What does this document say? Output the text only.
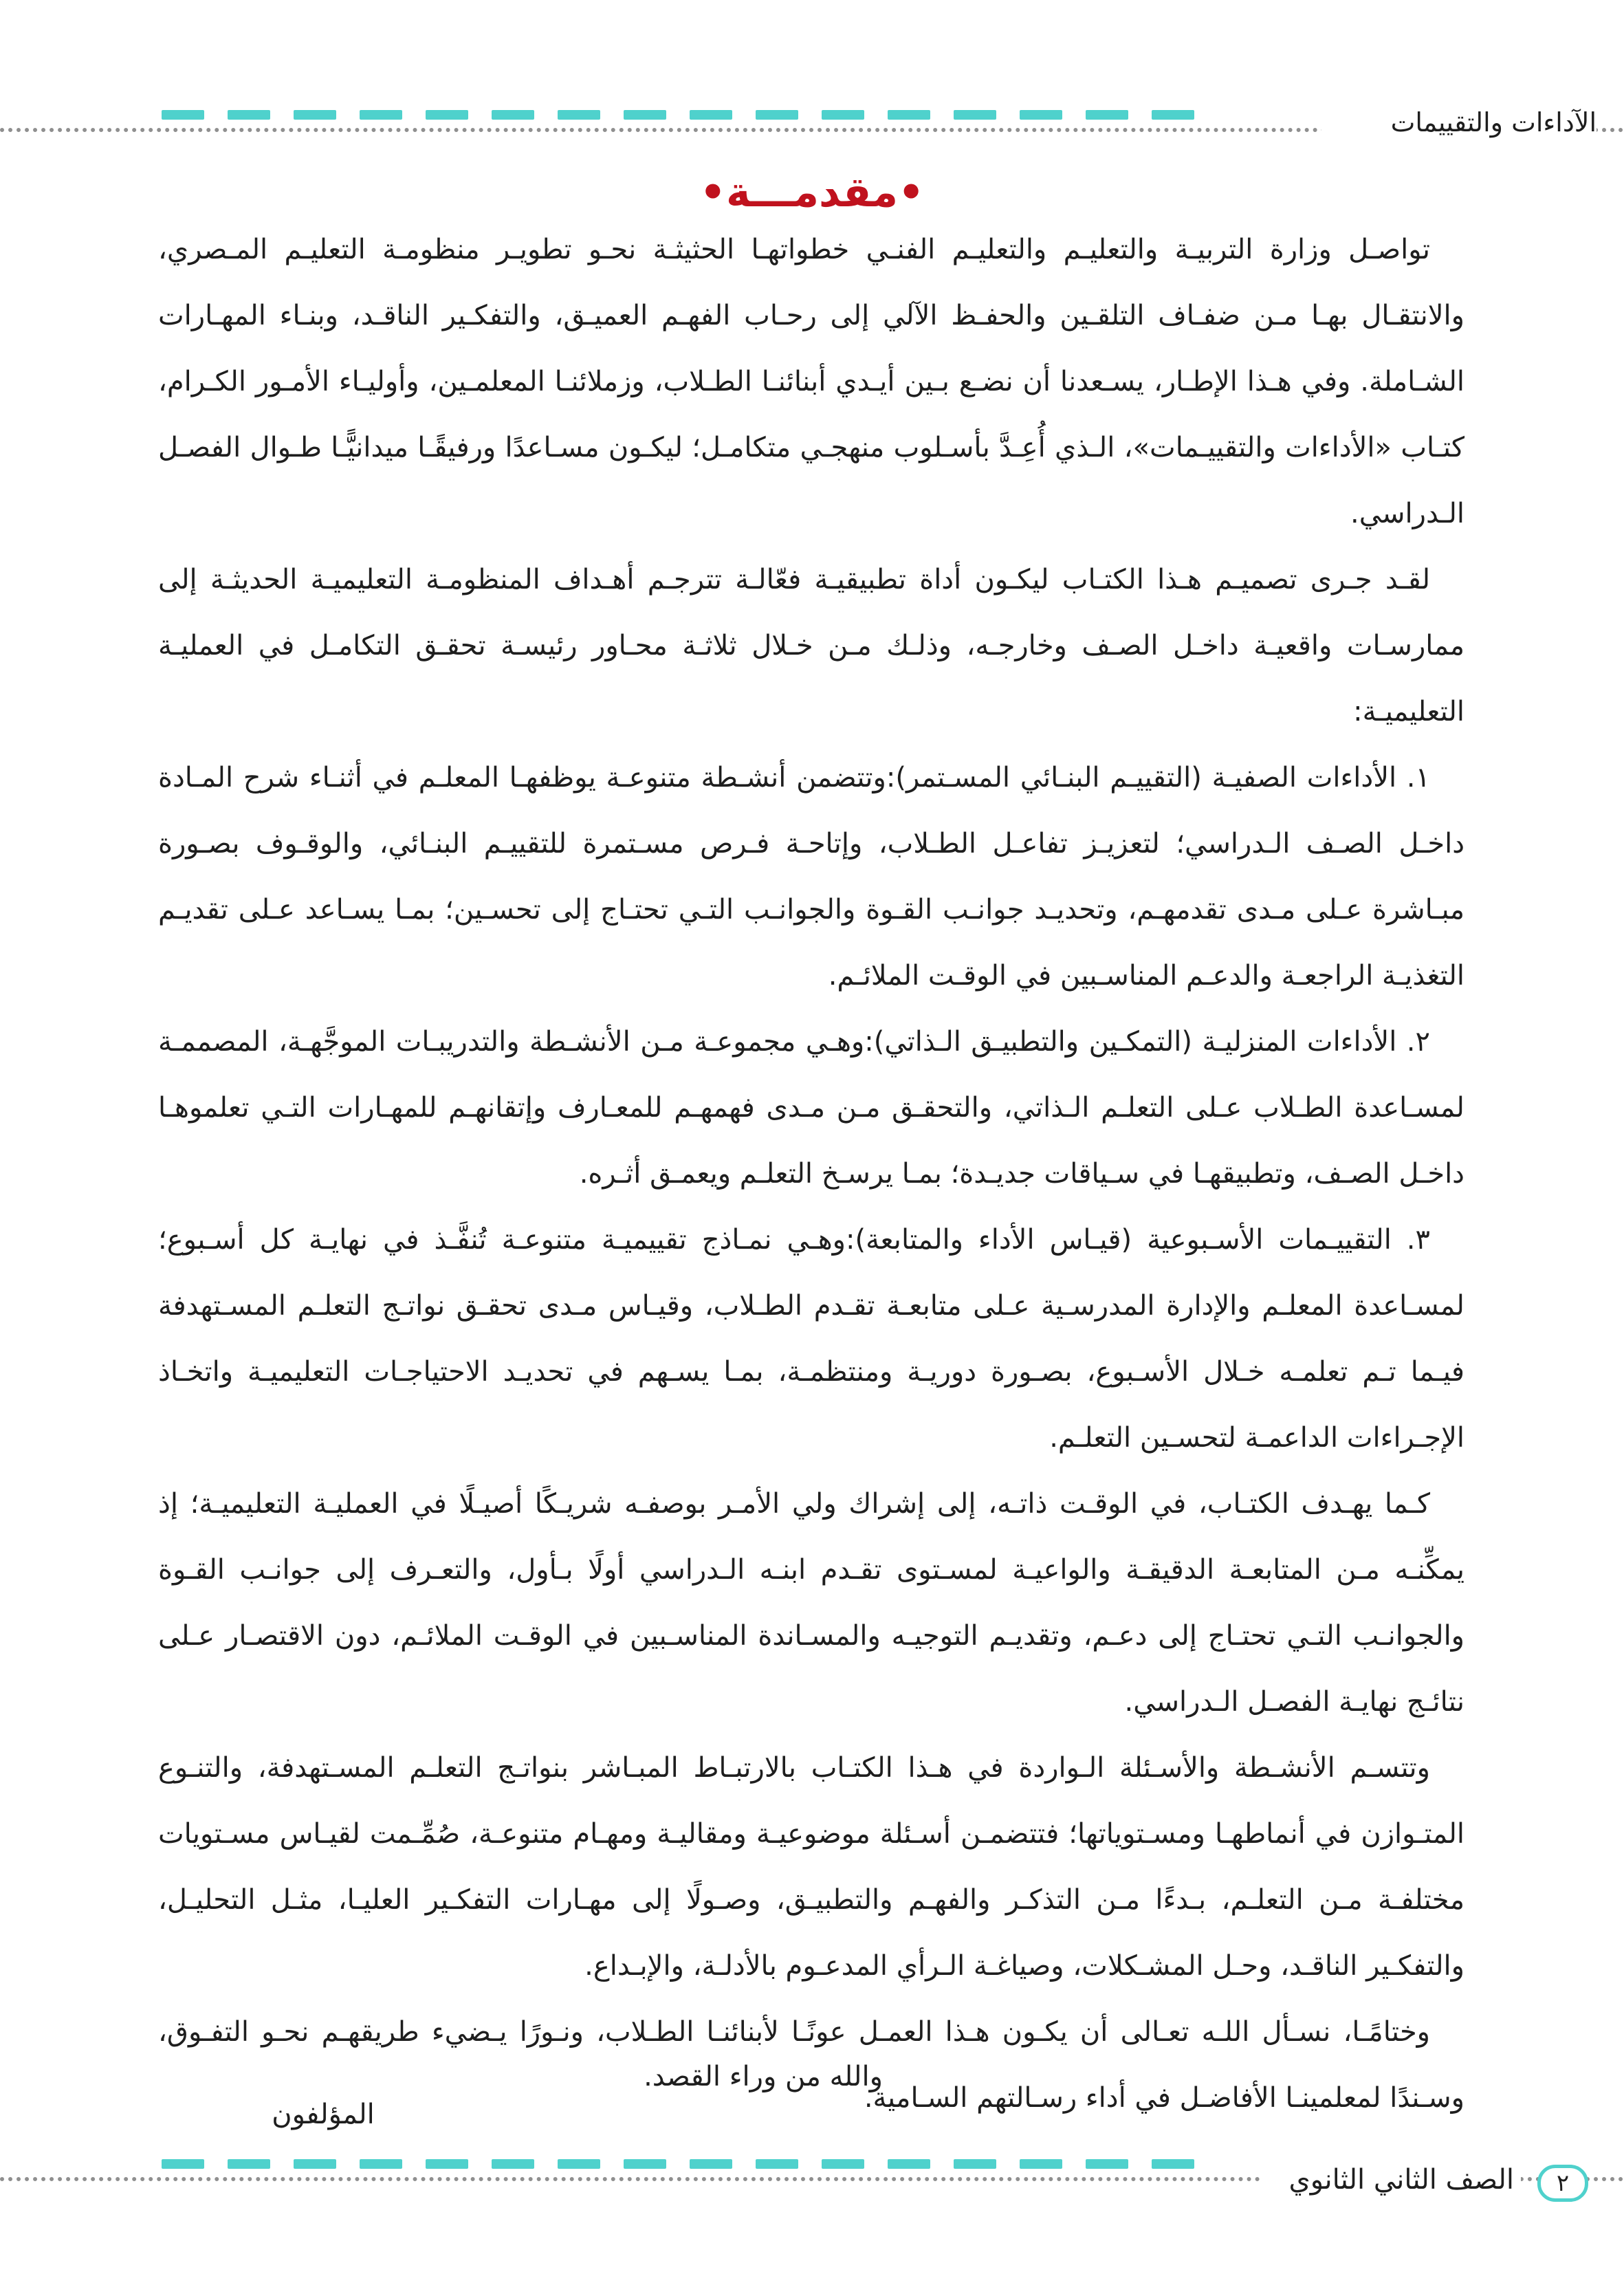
الآداءات والتقييمات
•مقدمـــة•

تواصـل وزارة التربيـة والتعليـم والتعليـم الفنـي خطواتهـا الحثيثـة نحـو تطويـر منظومـة التعليـم المـصري، والانتقـال بهـا مـن ضفـاف التلقـين والحفـظ الآلي إلى رحـاب الفهـم العميـق، والتفكـير الناقـد، وبنـاء المهـارات الشـاملة. وفي هـذا الإطـار، يسـعدنا أن نضـع بـين أيـدي أبنائنـا الطـلاب، وزملائنـا المعلمـين، وأوليـاء الأمـور الكـرام، كتـاب «الأداءات والتقييـمات»، الـذي أُعِـدَّ بأسـلوب منهجـي متكامـل؛ ليكـون مسـاعدًا ورفيقًـا ميدانيًّـا طـوال الفصـل الـدراسي.

لقـد جـرى تصميـم هـذا الكتـاب ليكـون أداة تطبيقيـة فعّالـة تترجـم أهـداف المنظومـة التعليميـة الحديثـة إلى ممارسـات واقعيـة داخـل الصـف وخارجـه، وذلـك مـن خـلال ثلاثـة محـاور رئيسـة تحقـق التكامـل في العمليـة التعليميـة:

١. الأداءات الصفيـة (التقييـم البنـائي المسـتمر):وتتضمن أنشـطة متنوعـة يوظفهـا المعلـم في أثنـاء شرح المـادة داخـل الصـف الـدراسي؛ لتعزيـز تفاعـل الطـلاب، وإتاحـة فـرص مسـتمرة للتقييـم البنـائي، والوقـوف بصـورة مبـاشرة عـلى مـدى تقدمهـم، وتحديـد جوانـب القـوة والجوانـب التـي تحتـاج إلى تحسـين؛ بمـا يسـاعد عـلى تقديـم التغذيـة الراجعـة والدعـم المناسـبين في الوقـت الملائـم.

٢. الأداءات المنزليـة (التمكـين والتطبيـق الـذاتي):وهـي مجموعـة مـن الأنشـطة والتدريبـات الموجَّهـة، المصممـة لمسـاعدة الطـلاب عـلى التعلـم الـذاتي، والتحقـق مـن مـدى فهمهـم للمعـارف وإتقانهـم للمهـارات التـي تعلموهـا داخـل الصـف، وتطبيقهـا في سـياقات جديـدة؛ بمـا يرسـخ التعلـم ويعمـق أثـره.

٣. التقييـمات الأسـبوعية (قيـاس الأداء والمتابعة):وهـي نمـاذج تقييميـة متنوعـة تُنفَّـذ في نهايـة كل أسـبوع؛ لمسـاعدة المعلـم والإدارة المدرسـية عـلى متابعـة تقـدم الطـلاب، وقيـاس مـدى تحقـق نواتـج التعلـم المسـتهدفة فيـما تـم تعلمـه خـلال الأسـبوع، بصـورة دوريـة ومنتظمـة، بمـا يسـهم في تحديـد الاحتياجـات التعليميـة واتخـاذ الإجـراءات الداعمـة لتحسـين التعلـم.

كـما يهـدف الكتـاب، في الوقـت ذاتـه، إلى إشراك ولي الأمـر بوصفـه شريـكًا أصيـلًا في العمليـة التعليميـة؛ إذ يمكِّنـه مـن المتابعـة الدقيقـة والواعيـة لمسـتوى تقـدم ابنـه الـدراسي أولًا بـأول، والتعـرف إلى جوانـب القـوة والجوانـب التـي تحتـاج إلى دعـم، وتقديـم التوجيـه والمسـاندة المناسـبين في الوقـت الملائـم، دون الاقتصـار عـلى نتائـج نهايـة الفصـل الـدراسي.

وتتسـم الأنشـطة والأسـئلة الـواردة في هـذا الكتـاب بالارتبـاط المبـاشر بنواتـج التعلـم المسـتهدفة، والتنـوع المتـوازن في أنماطهـا ومسـتوياتها؛ فتتضمـن أسـئلة موضوعيـة ومقاليـة ومهـام متنوعـة، صُمِّـمت لقيـاس مسـتويات مختلفـة مـن التعلـم، بـدءًا مـن التذكـر والفهـم والتطبيـق، وصـولًا إلى مهـارات التفكـير العليـا، مثـل التحليـل، والتفكـير الناقـد، وحـل المشـكلات، وصياغـة الـرأي المدعـوم بالأدلـة، والإبـداع.

وختامًـا، نسـأل اللـه تعـالى أن يكـون هـذا العمـل عونًـا لأبنائنـا الطـلاب، ونـورًا يـضيء طريقهـم نحـو التفـوق، وسـندًا لمعلمينـا الأفاضـل في أداء رسـالتهم السـامية.

والله من وراء القصد.
المؤلفون
الصف الثاني الثانوي	٢
